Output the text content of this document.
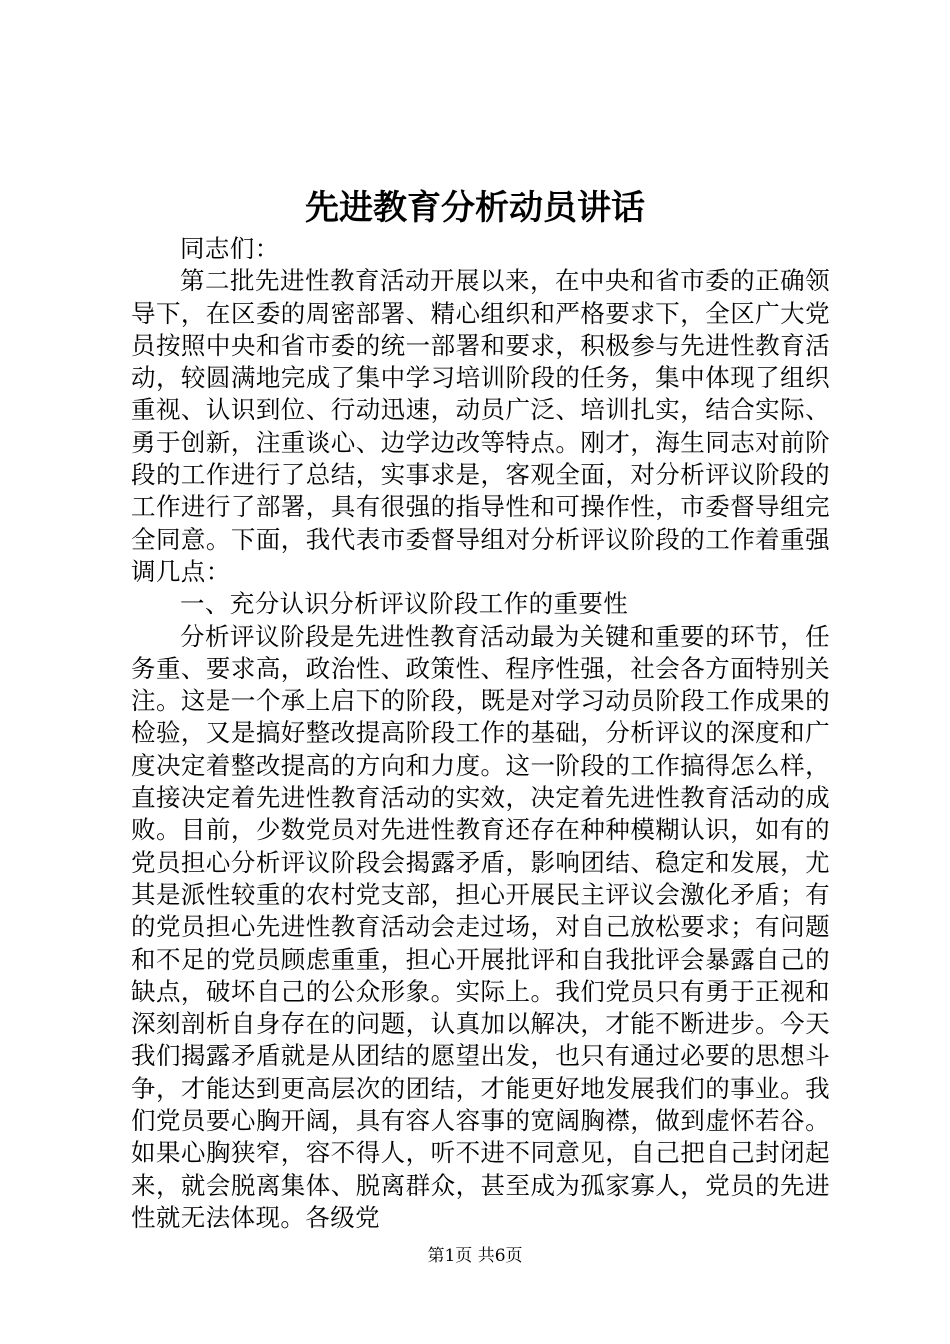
先进教育分析动员讲话

同志们：

第二批先进性教育活动开展以来，在中央和省市委的正确领导下，在区委的周密部署、精心组织和严格要求下，全区广大党员按照中央和省市委的统一部署和要求，积极参与先进性教育活动，较圆满地完成了集中学习培训阶段的任务，集中体现了组织重视、认识到位、行动迅速，动员广泛、培训扎实，结合实际、勇于创新，注重谈心、边学边改等特点。刚才，海生同志对前阶段的工作进行了总结，实事求是，客观全面，对分析评议阶段的工作进行了部署，具有很强的指导性和可操作性，市委督导组完全同意。下面，我代表市委督导组对分析评议阶段的工作着重强调几点：

一、充分认识分析评议阶段工作的重要性

分析评议阶段是先进性教育活动最为关键和重要的环节，任务重、要求高，政治性、政策性、程序性强，社会各方面特别关注。这是一个承上启下的阶段，既是对学习动员阶段工作成果的检验，又是搞好整改提高阶段工作的基础，分析评议的深度和广度决定着整改提高的方向和力度。这一阶段的工作搞得怎么样，直接决定着先进性教育活动的实效，决定着先进性教育活动的成败。目前，少数党员对先进性教育还存在种种模糊认识，如有的党员担心分析评议阶段会揭露矛盾，影响团结、稳定和发展，尤其是派性较重的农村党支部，担心开展民主评议会激化矛盾；有的党员担心先进性教育活动会走过场，对自己放松要求；有问题和不足的党员顾虑重重，担心开展批评和自我批评会暴露自己的缺点，破坏自己的公众形象。实际上。我们党员只有勇于正视和深刻剖析自身存在的问题，认真加以解决，才能不断进步。今天我们揭露矛盾就是从团结的愿望出发，也只有通过必要的思想斗争，才能达到更高层次的团结，才能更好地发展我们的事业。我们党员要心胸开阔，具有容人容事的宽阔胸襟，做到虚怀若谷。如果心胸狭窄，容不得人，听不进不同意见，自己把自己封闭起来，就会脱离集体、脱离群众，甚至成为孤家寡人，党员的先进性就无法体现。各级党

第1页 共6页
